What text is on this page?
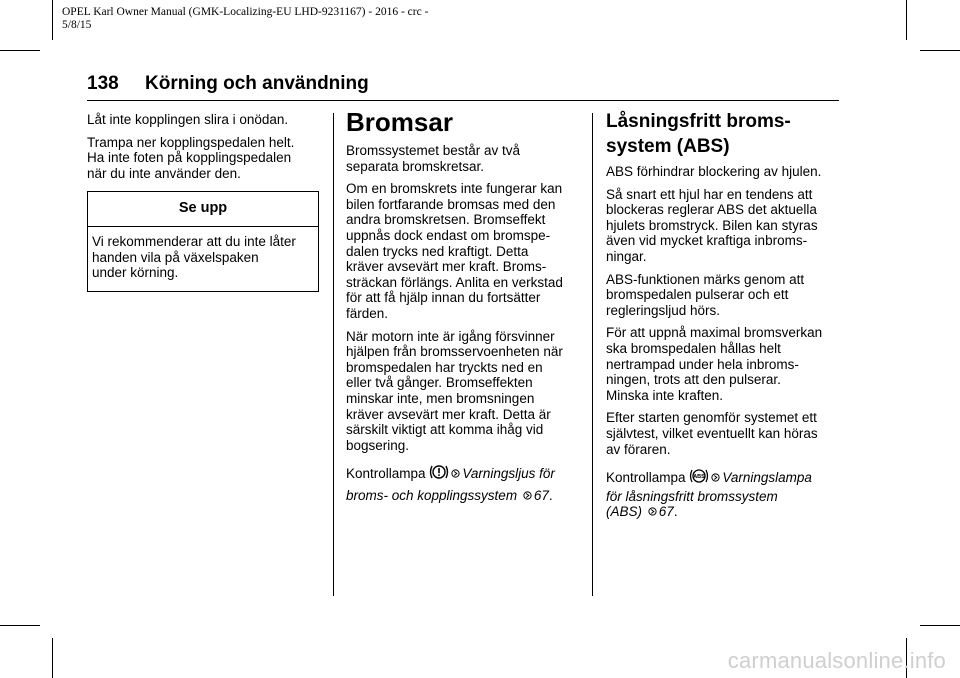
OPEL Karl Owner Manual (GMK-Localizing-EU LHD-9231167) - 2016 - crc -
5/8/15
138 Körning och användning

Låt inte kopplingen slira i onödan.

Trampa ner kopplingspedalen helt.
Ha inte foten på kopplingspedalen
när du inte använder den.

Se upp
Vi rekommenderar att du inte låter
handen vila på växelspaken
under körning.
Bromsar

Bromssystemet består av två
separata bromskretsar.

Om en bromskrets inte fungerar kan
bilen fortfarande bromsas med den
andra bromskretsen. Bromseffekt
uppnås dock endast om bromspe-
dalen trycks ned kraftigt. Detta
kräver avsevärt mer kraft. Broms-
sträckan förlängs. Anlita en verkstad
för att få hjälp innan du fortsätter
färden.

När motorn inte är igång försvinner
hjälpen från bromsservoenheten när
bromspedalen har tryckts ned en
eller två gånger. Bromseffekten
minskar inte, men bromsningen
kräver avsevärt mer kraft. Detta är
särskilt viktigt att komma ihåg vid
bogsering.

Kontrollampa	Varningsljus för
broms- och kopplingssystem 67.

Låsningsfritt broms-
system (ABS)

ABS förhindrar blockering av hjulen.

Så snart ett hjul har en tendens att
blockeras reglerar ABS det aktuella
hjulets bromstryck. Bilen kan styras
även vid mycket kraftiga inbroms-
ningar.

ABS-funktionen märks genom att
bromspedalen pulserar och ett
regleringsljud hörs.

För att uppnå maximal bromsverkan
ska bromspedalen hållas helt
nertrampad under hela inbroms-
ningen, trots att den pulserar.
Minska inte kraften.

Efter starten genomför systemet ett
självtest, vilket eventuellt kan höras
av föraren.

Kontrollampa ABS Varningslampa
för låsningsfritt bromssystem
(ABS) 67.

carmanualsonline.info
